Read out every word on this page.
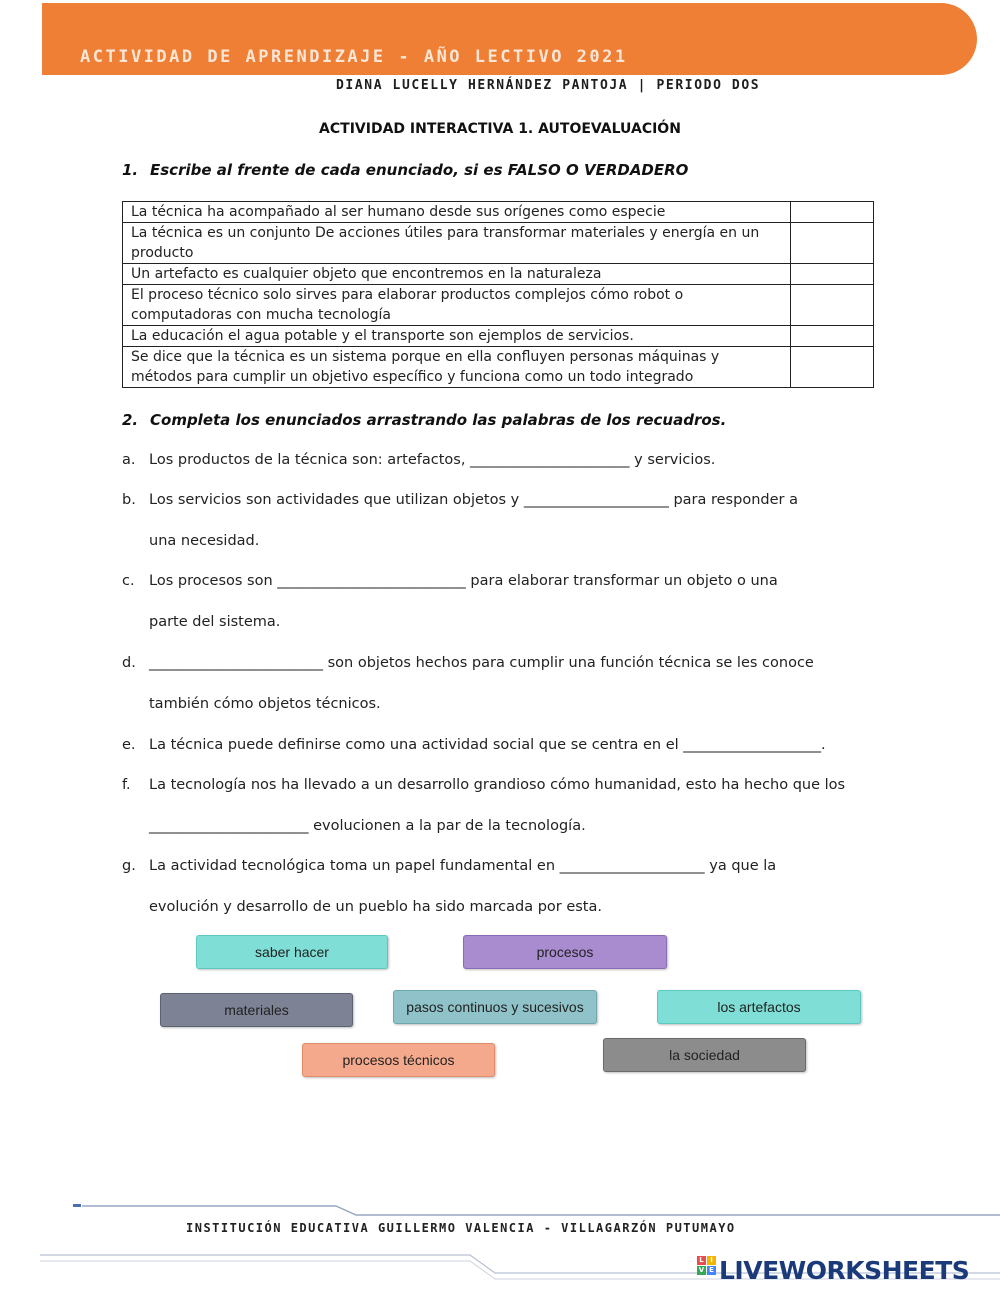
ACTIVIDAD DE APRENDIZAJE - AÑO LECTIVO 2021
DIANA LUCELLY HERNÁNDEZ PANTOJA | PERIODO DOS
ACTIVIDAD INTERACTIVA 1. AUTOEVALUACIÓN
1. Escribe al frente de cada enunciado, si es FALSO O VERDADERO
La técnica ha acompañado al ser humano desde sus orígenes como especie	
La técnica es un conjunto De acciones útiles para transformar materiales y energía en un producto	
Un artefacto es cualquier objeto que encontremos en la naturaleza	
El proceso técnico solo sirves para elaborar productos complejos cómo robot o computadoras con mucha tecnología	
La educación el agua potable y el transporte son ejemplos de servicios.	
Se dice que la técnica es un sistema porque en ella confluyen personas máquinas y métodos para cumplir un objetivo específico y funciona como un todo integrado	
2. Completa los enunciados arrastrando las palabras de los recuadros.
a. Los productos de la técnica son: artefactos, ______________________ y servicios.
b. Los servicios son actividades que utilizan objetos y ____________________ para responder a
una necesidad.
c. Los procesos son __________________________ para elaborar transformar un objeto o una
parte del sistema.
d. ________________________ son objetos hechos para cumplir una función técnica se les conoce
también cómo objetos técnicos.
e. La técnica puede definirse como una actividad social que se centra en el ___________________.
f. La tecnología nos ha llevado a un desarrollo grandioso cómo humanidad, esto ha hecho que los
______________________ evolucionen a la par de la tecnología.
g. La actividad tecnológica toma un papel fundamental en ____________________ ya que la
evolución y desarrollo de un pueblo ha sido marcada por esta.
saber hacer	procesos
materiales	pasos continuos y sucesivos	los artefactos
procesos técnicos	la sociedad
INSTITUCIÓN EDUCATIVA GUILLERMO VALENCIA - VILLAGARZÓN PUTUMAYO
L I
V E LIVEWORKSHEETS
